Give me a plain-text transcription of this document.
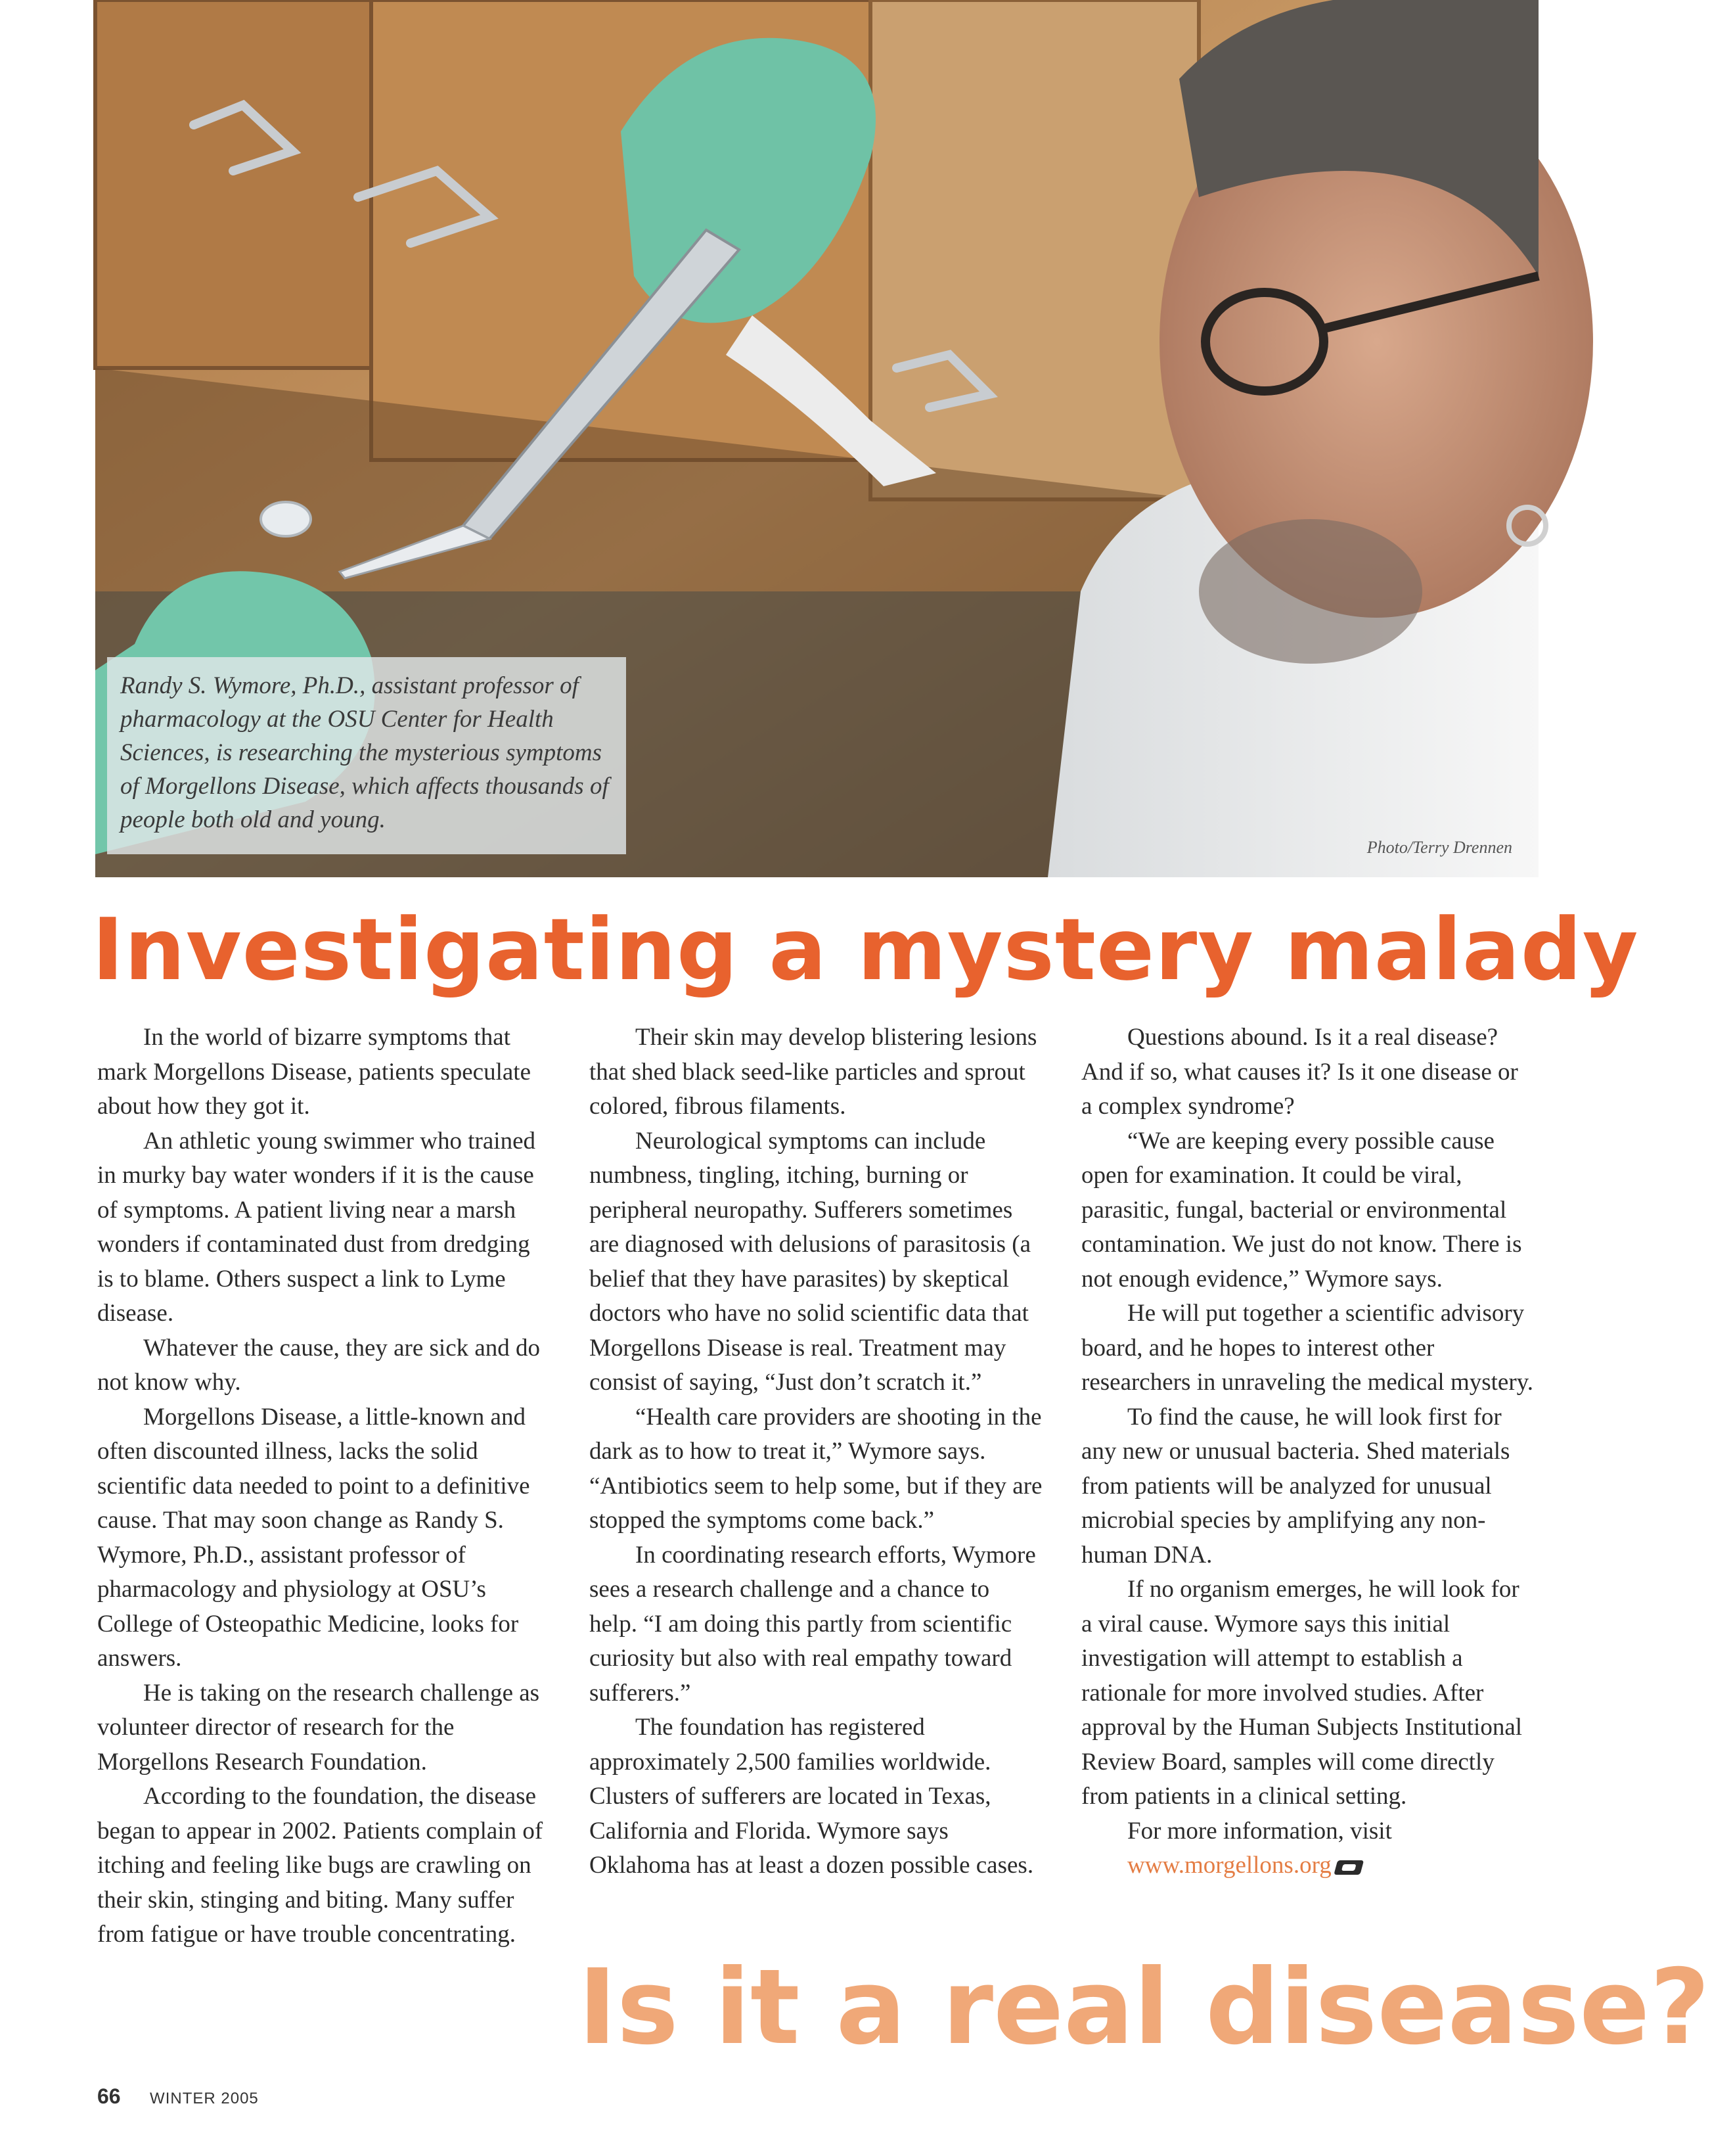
Randy S. Wymore, Ph.D., assistant professor of pharmacology at the OSU Center for Health Sciences, is researching the mysterious symptoms of Morgellons Disease, which affects thousands of people both old and young.

Photo/Terry Drennen
Investigating a mystery malady

In the world of bizarre symptoms that mark Morgellons Disease, patients speculate about how they got it.

An athletic young swimmer who trained in murky bay water wonders if it is the cause of symptoms. A patient living near a marsh wonders if contaminated dust from dredging is to blame. Others suspect a link to Lyme disease.

Whatever the cause, they are sick and do not know why.

Morgellons Disease, a little-known and often discounted illness, lacks the solid scientific data needed to point to a definitive cause. That may soon change as Randy S. Wymore, Ph.D., assistant professor of pharmacology and physiology at OSU’s College of Osteopathic Medicine, looks for answers.

He is taking on the research challenge as volunteer director of research for the Morgellons Research Foundation.

According to the foundation, the disease began to appear in 2002. Patients complain of itching and feeling like bugs are crawling on their skin, stinging and biting. Many suffer from fatigue or have trouble concentrating.

Their skin may develop blistering lesions that shed black seed-like particles and sprout colored, fibrous filaments.

Neurological symptoms can include numbness, tingling, itching, burning or peripheral neuropathy. Sufferers sometimes are diagnosed with delusions of parasitosis (a belief that they have parasites) by skeptical doctors who have no solid scientific data that Morgellons Disease is real. Treatment may consist of saying, “Just don’t scratch it.”

“Health care providers are shooting in the dark as to how to treat it,” Wymore says. “Antibiotics seem to help some, but if they are stopped the symptoms come back.”

In coordinating research efforts, Wymore sees a research challenge and a chance to help. “I am doing this partly from scientific curiosity but also with real empathy toward sufferers.”

The foundation has registered approximately 2,500 families worldwide. Clusters of sufferers are located in Texas, California and Florida. Wymore says Oklahoma has at least a dozen possible cases.

Questions abound. Is it a real disease? And if so, what causes it? Is it one disease or a complex syndrome?

“We are keeping every possible cause open for examination. It could be viral, parasitic, fungal, bacterial or environmental contamination. We just do not know. There is not enough evidence,” Wymore says.

He will put together a scientific advisory board, and he hopes to interest other researchers in unraveling the medical mystery.

To find the cause, he will look first for any new or unusual bacteria. Shed materials from patients will be analyzed for unusual microbial species by amplifying any non-human DNA.

If no organism emerges, he will look for a viral cause. Wymore says this initial investigation will attempt to establish a rationale for more involved studies. After approval by the Human Subjects Institutional Review Board, samples will come directly from patients in a clinical setting.

For more information, visit

www.morgellons.org
Is it a real disease?
66 WINTER 2005
